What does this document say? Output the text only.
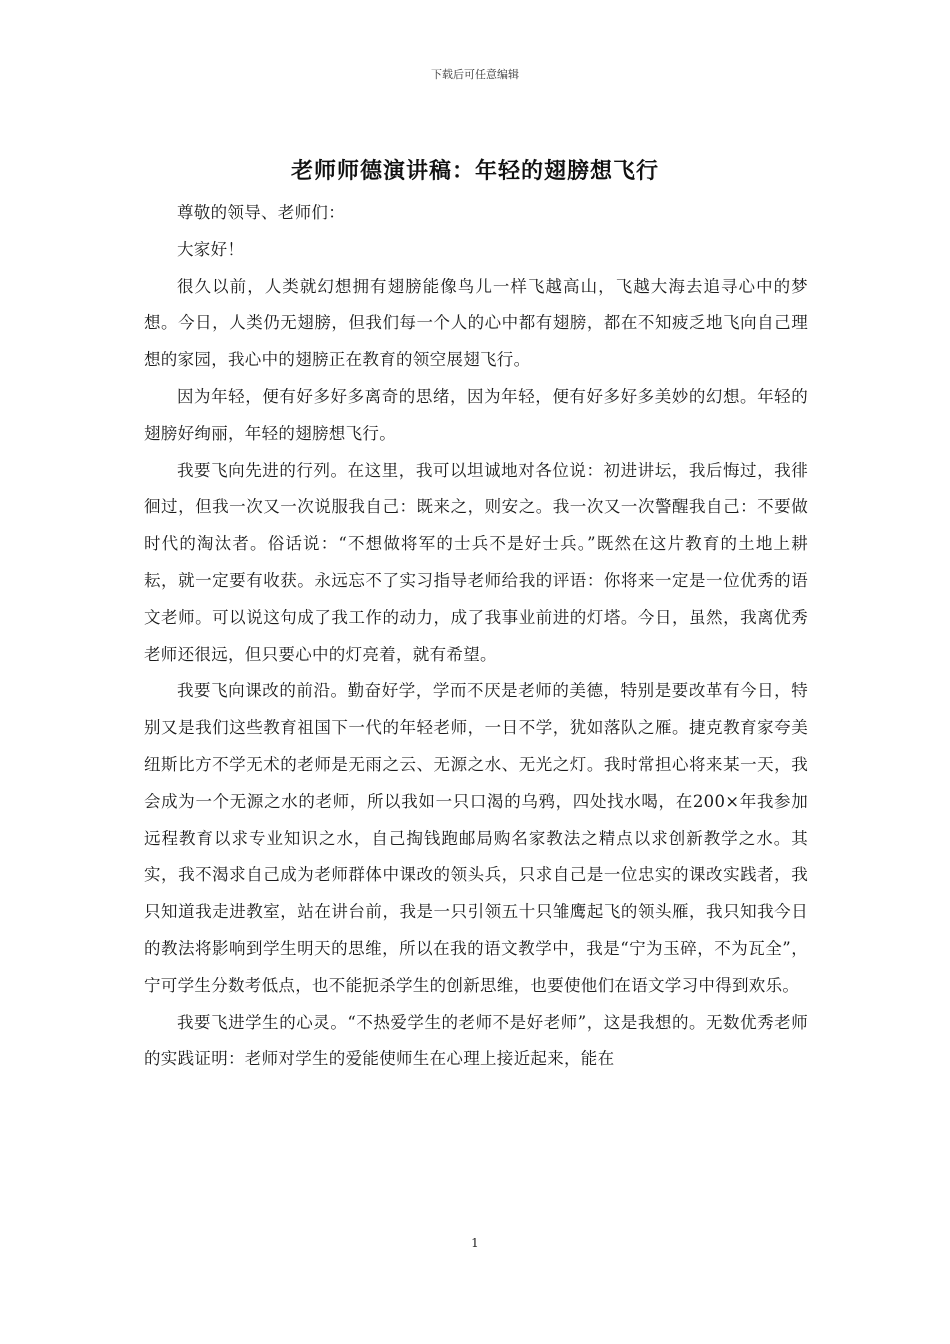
下载后可任意编辑
老师师德演讲稿：年轻的翅膀想飞行

尊敬的领导、老师们：

大家好！

很久以前，人类就幻想拥有翅膀能像鸟儿一样飞越高山，飞越大海去追寻心中的梦想。今日，人类仍无翅膀，但我们每一个人的心中都有翅膀，都在不知疲乏地飞向自己理想的家园，我心中的翅膀正在教育的领空展翅飞行。

因为年轻，便有好多好多离奇的思绪，因为年轻，便有好多好多美妙的幻想。年轻的翅膀好绚丽，年轻的翅膀想飞行。

我要飞向先进的行列。在这里，我可以坦诚地对各位说：初进讲坛，我后悔过，我徘徊过，但我一次又一次说服我自己：既来之，则安之。我一次又一次警醒我自己：不要做时代的淘汰者。俗话说：“不想做将军的士兵不是好士兵。”既然在这片教育的土地上耕耘，就一定要有收获。永远忘不了实习指导老师给我的评语：你将来一定是一位优秀的语文老师。可以说这句成了我工作的动力，成了我事业前进的灯塔。今日，虽然，我离优秀老师还很远，但只要心中的灯亮着，就有希望。

我要飞向课改的前沿。勤奋好学，学而不厌是老师的美德，特别是要改革有今日，特别又是我们这些教育祖国下一代的年轻老师，一日不学，犹如落队之雁。捷克教育家夸美纽斯比方不学无术的老师是无雨之云、无源之水、无光之灯。我时常担心将来某一天，我会成为一个无源之水的老师，所以我如一只口渴的乌鸦，四处找水喝，在200×年我参加远程教育以求专业知识之水，自己掏钱跑邮局购名家教法之精点以求创新教学之水。其实，我不渴求自己成为老师群体中课改的领头兵，只求自己是一位忠实的课改实践者，我只知道我走进教室，站在讲台前，我是一只引领五十只雏鹰起飞的领头雁，我只知我今日的教法将影响到学生明天的思维，所以在我的语文教学中，我是“宁为玉碎，不为瓦全”，宁可学生分数考低点，也不能扼杀学生的创新思维，也要使他们在语文学习中得到欢乐。

我要飞进学生的心灵。“不热爱学生的老师不是好老师”，这是我想的。无数优秀老师的实践证明：老师对学生的爱能使师生在心理上接近起来，能在

1
